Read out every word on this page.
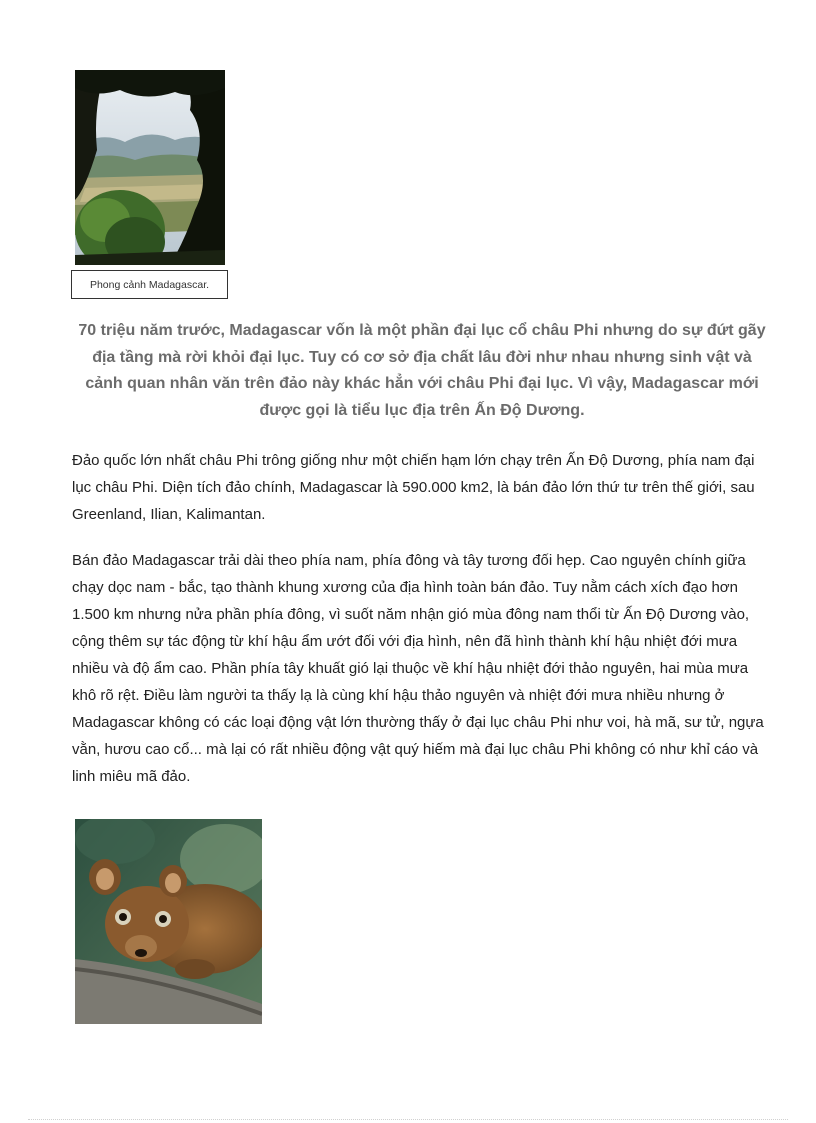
Phong cảnh Madagascar.

70 triệu năm trước, Madagascar vốn là một phần đại lục cổ châu Phi nhưng do sự đứt gãy địa tầng mà rời khỏi đại lục. Tuy có cơ sở địa chất lâu đời như nhau nhưng sinh vật và cảnh quan nhân văn trên đảo này khác hẳn với châu Phi đại lục. Vì vậy, Madagascar mới được gọi là tiểu lục địa trên Ấn Độ Dương.

Đảo quốc lớn nhất châu Phi trông giống như một chiến hạm lớn chạy trên Ấn Độ Dương, phía nam đại lục châu Phi. Diện tích đảo chính, Madagascar là 590.000 km2, là bán đảo lớn thứ tư trên thế giới, sau Greenland, Ilian, Kalimantan.

Bán đảo Madagascar trải dài theo phía nam, phía đông và tây tương đối hẹp. Cao nguyên chính giữa chạy dọc nam - bắc, tạo thành khung xương của địa hình toàn bán đảo. Tuy nằm cách xích đạo hơn 1.500 km nhưng nửa phần phía đông, vì suốt năm nhận gió mùa đông nam thổi từ Ấn Độ Dương vào, cộng thêm sự tác động từ khí hậu ẩm ướt đối với địa hình, nên đã hình thành khí hậu nhiệt đới mưa nhiều và độ ẩm cao. Phần phía tây khuất gió lại thuộc về khí hậu nhiệt đới thảo nguyên, hai mùa mưa khô rõ rệt. Điều làm người ta thấy lạ là cùng khí hậu thảo nguyên và nhiệt đới mưa nhiều nhưng ở Madagascar không có các loại động vật lớn thường thấy ở đại lục châu Phi như voi, hà mã, sư tử, ngựa vằn, hươu cao cổ... mà lại có rất nhiều động vật quý hiếm mà đại lục châu Phi không có như khỉ cáo và linh miêu mã đảo.
